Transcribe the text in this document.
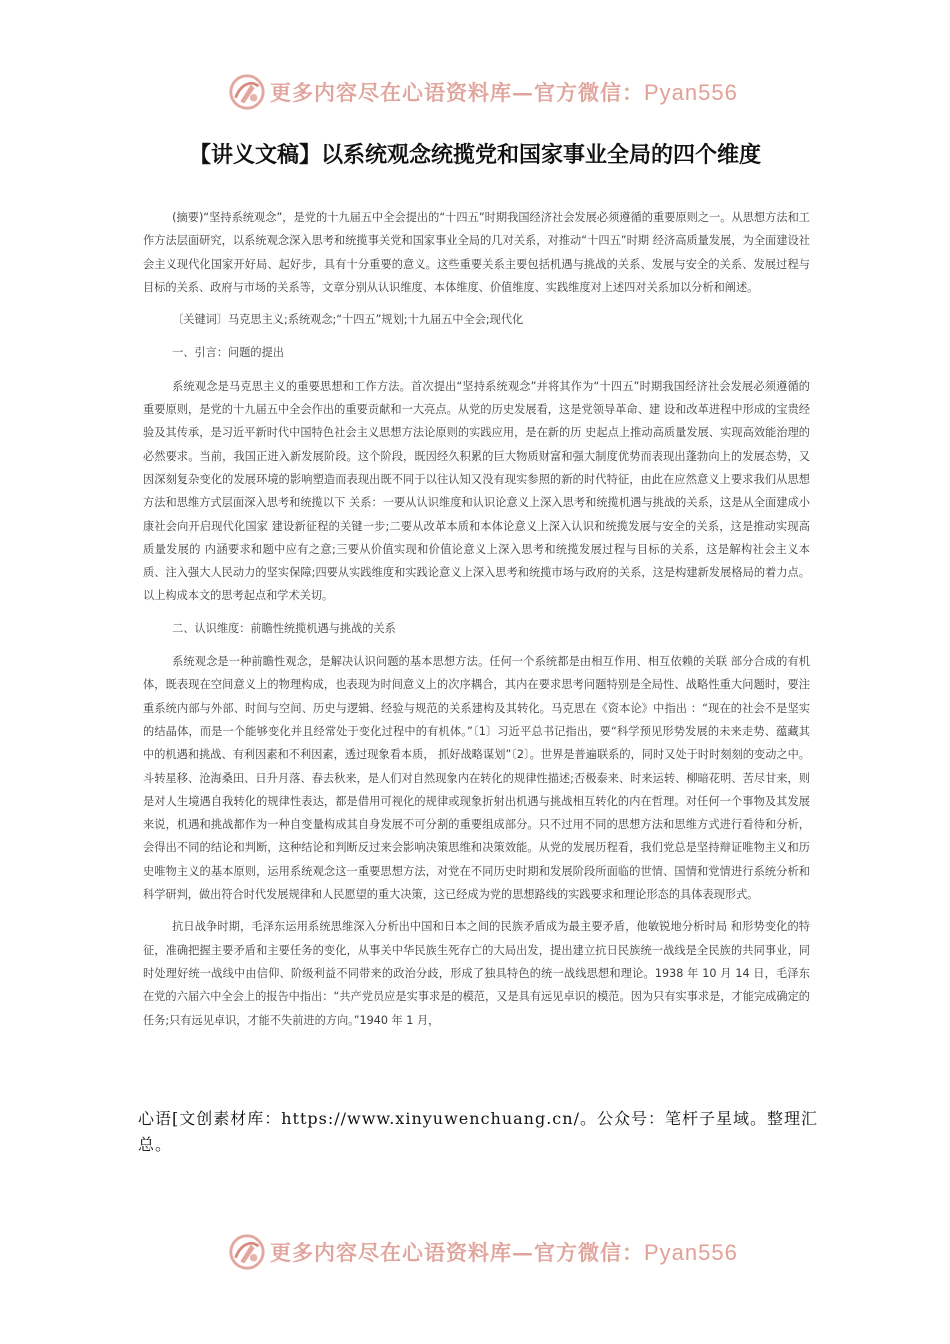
更多内容尽在心语资料库—官方微信：Pyan556
【讲义文稿】以系统观念统揽党和国家事业全局的四个维度

(摘要)“坚持系统观念”，是党的十九届五中全会提出的“十四五”时期我国经济社会发展必须遵循的重要原则之一。从思想方法和工作方法层面研究，以系统观念深入思考和统揽事关党和国家事业全局的几对关系，对推动“十四五”时期 经济高质量发展，为全面建设社会主义现代化国家开好局、起好步，具有十分重要的意义。这些重要关系主要包括机遇与挑战的关系、发展与安全的关系、发展过程与目标的关系、政府与市场的关系等，文章分别从认识维度、本体维度、价值维度、实践维度对上述四对关系加以分析和阐述。

〔关键词〕马克思主义;系统观念;“十四五”规划;十九届五中全会;现代化

一、引言：问题的提出

系统观念是马克思主义的重要思想和工作方法。首次提出“坚持系统观念”并将其作为“十四五”时期我国经济社会发展必须遵循的重要原则，是党的十九届五中全会作出的重要贡献和一大亮点。从党的历史发展看，这是党领导革命、建 设和改革进程中形成的宝贵经验及其传承，是习近平新时代中国特色社会主义思想方法论原则的实践应用，是在新的历 史起点上推动高质量发展、实现高效能治理的必然要求。当前，我国正进入新发展阶段。这个阶段，既因经久积累的巨大物质财富和强大制度优势而表现出蓬勃向上的发展态势，又因深刻复杂变化的发展环境的影响塑造而表现出既不同于以往认知又没有现实参照的新的时代特征，由此在应然意义上要求我们从思想方法和思维方式层面深入思考和统揽以下 关系：一要从认识维度和认识论意义上深入思考和统揽机遇与挑战的关系，这是从全面建成小康社会向开启现代化国家 建设新征程的关键一步;二要从改革本质和本体论意义上深入认识和统揽发展与安全的关系，这是推动实现高质量发展的 内涵要求和题中应有之意;三要从价值实现和价值论意义上深入思考和统揽发展过程与目标的关系，这是解构社会主义本 质、注入强大人民动力的坚实保障;四要从实践维度和实践论意义上深入思考和统揽市场与政府的关系，这是构建新发展格局的着力点。以上构成本文的思考起点和学术关切。

二、认识维度：前瞻性统揽机遇与挑战的关系

系统观念是一种前瞻性观念，是解决认识问题的基本思想方法。任何一个系统都是由相互作用、相互依赖的关联 部分合成的有机体，既表现在空间意义上的物理构成，也表现为时间意义上的次序耦合，其内在要求思考问题特别是全局性、战略性重大问题时，要注重系统内部与外部、时间与空间、历史与逻辑、经验与规范的关系建构及其转化。马克思在《资本论》中指出 ：“现在的社会不是坚实的结晶体，而是一个能够变化并且经常处于变化过程中的有机体。”〔1〕习近平总书记指出，要“科学预见形势发展的未来走势、蕴藏其中的机遇和挑战、有利因素和不利因素，透过现象看本质， 抓好战略谋划”〔2〕。世界是普遍联系的，同时又处于时时刻刻的变动之中。斗转星移、沧海桑田、日升月落、春去秋来，是人们对自然现象内在转化的规律性描述;否极泰来、时来运转、柳暗花明、苦尽甘来，则是对人生境遇自我转化的规律性表达，都是借用可视化的规律或现象折射出机遇与挑战相互转化的内在哲理。对任何一个事物及其发展来说，机遇和挑战都作为一种自变量构成其自身发展不可分割的重要组成部分。只不过用不同的思想方法和思维方式进行看待和分析，会得出不同的结论和判断，这种结论和判断反过来会影响决策思维和决策效能。从党的发展历程看，我们党总是坚持辩证唯物主义和历史唯物主义的基本原则，运用系统观念这一重要思想方法，对党在不同历史时期和发展阶段所面临的世情、国情和党情进行系统分析和科学研判，做出符合时代发展规律和人民愿望的重大决策，这已经成为党的思想路线的实践要求和理论形态的具体表现形式。

抗日战争时期，毛泽东运用系统思维深入分析出中国和日本之间的民族矛盾成为最主要矛盾，他敏锐地分析时局 和形势变化的特征，准确把握主要矛盾和主要任务的变化，从事关中华民族生死存亡的大局出发，提出建立抗日民族统一战线是全民族的共同事业，同时处理好统一战线中由信仰、阶级利益不同带来的政治分歧，形成了独具特色的统一战线思想和理论。1938 年 10 月 14 日，毛泽东在党的六届六中全会上的报告中指出：“共产党员应是实事求是的模范，又是具有远见卓识的模范。因为只有实事求是，才能完成确定的任务;只有远见卓识，才能不失前进的方向。”1940 年 1 月，

心语[文创素材库：https://www.xinyuwenchuang.cn/。公众号：笔杆子星域。整理汇总。
更多内容尽在心语资料库—官方微信：Pyan556
